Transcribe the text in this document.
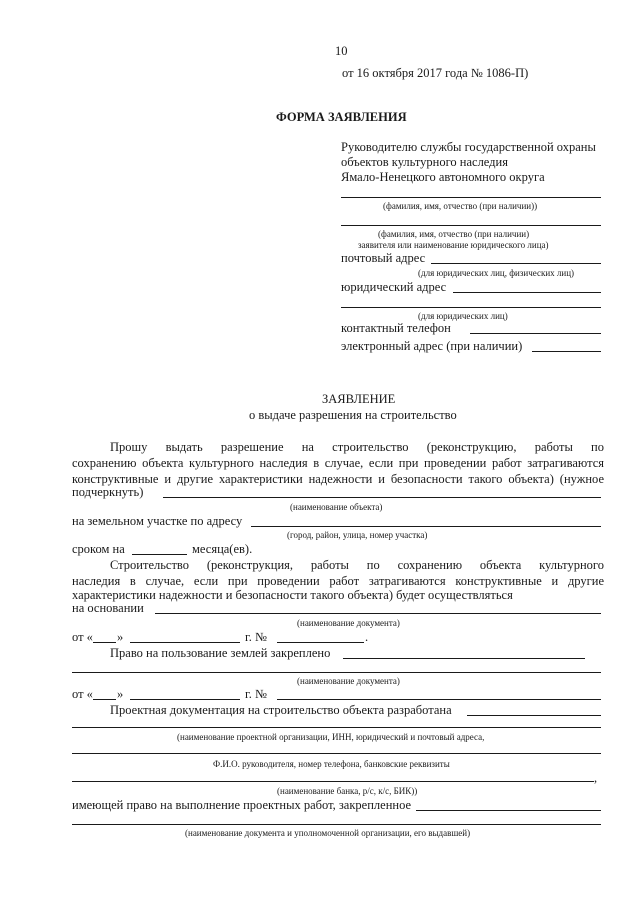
10
от 16 октября 2017 года № 1086-П)
ФОРМА ЗАЯВЛЕНИЯ
Руководителю службы государственной охраны
объектов культурного наследия
Ямало-Ненецкого автономного округа
(фамилия, имя, отчество (при наличии))
(фамилия, имя, отчество (при наличии)
заявителя или наименование юридического лица)
почтовый адрес
(для юридических лиц, физических лиц)
юридический адрес
(для юридических лиц)
контактный телефон
электронный адрес (при наличии)
ЗАЯВЛЕНИЕ
о выдаче разрешения на строительство
Прошу выдать разрешение на строительство (реконструкцию, работы по
сохранению объекта культурного наследия в случае, если при проведении работ затрагиваются
конструктивные и другие характеристики надежности и безопасности такого объекта) (нужное
подчеркнуть)
(наименование объекта)
на земельном участке по адресу
(город, район, улица, номер участка)
сроком на	месяца(ев).
Строительство (реконструкция, работы по сохранению объекта культурного
наследия в случае, если при проведении работ затрагиваются конструктивные и другие
характеристики надежности и безопасности такого объекта) будет осуществляться
на основании
(наименование документа)
от « »	г. №	.
Право на пользование землей закреплено
(наименование документа)
от « »	г. №
Проектная документация на строительство объекта разработана
(наименование проектной организации, ИНН, юридический и почтовый адреса,
Ф.И.О. руководителя, номер телефона, банковские реквизиты
,
(наименование банка, р/с, к/с, БИК))
имеющей право на выполнение проектных работ, закрепленное
(наименование документа и уполномоченной организации, его выдавшей)
